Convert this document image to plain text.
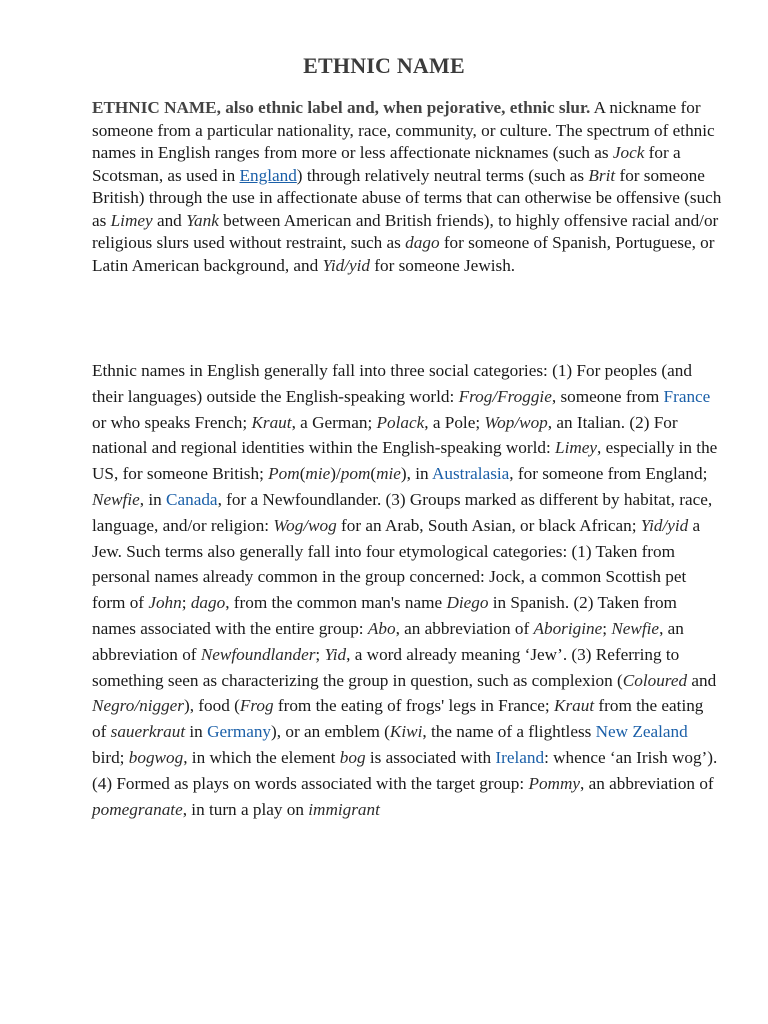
ETHNIC NAME

ETHNIC NAME, also ethnic label and, when pejorative, ethnic slur. A nickname for someone from a particular nationality, race, community, or culture. The spectrum of ethnic names in English ranges from more or less affectionate nicknames (such as Jock for a Scotsman, as used in England) through relatively neutral terms (such as Brit for someone British) through the use in affectionate abuse of terms that can otherwise be offensive (such as Limey and Yank between American and British friends), to highly offensive racial and/or religious slurs used without restraint, such as dago for someone of Spanish, Portuguese, or Latin American background, and Yid/yid for someone Jewish.

Ethnic names in English generally fall into three social categories: (1) For peoples (and their languages) outside the English-speaking world: Frog/Froggie, someone from France or who speaks French; Kraut, a German; Polack, a Pole; Wop/wop, an Italian. (2) For national and regional identities within the English-speaking world: Limey, especially in the US, for someone British; Pom(mie)/pom(mie), in Australasia, for someone from England; Newfie, in Canada, for a Newfoundlander. (3) Groups marked as different by habitat, race, language, and/or religion: Wog/wog for an Arab, South Asian, or black African; Yid/yid a Jew. Such terms also generally fall into four etymological categories: (1) Taken from personal names already common in the group concerned: Jock, a common Scottish pet form of John; dago, from the common man's name Diego in Spanish. (2) Taken from names associated with the entire group: Abo, an abbreviation of Aborigine; Newfie, an abbreviation of Newfoundlander; Yid, a word already meaning ‘Jew’. (3) Referring to something seen as characterizing the group in question, such as complexion (Coloured and Negro/nigger), food (Frog from the eating of frogs' legs in France; Kraut from the eating of sauerkraut in Germany), or an emblem (Kiwi, the name of a flightless New Zealand bird; bogwog, in which the element bog is associated with Ireland: whence ‘an Irish wog’). (4) Formed as plays on words associated with the target group: Pommy, an abbreviation of pomegranate, in turn a play on immigrant
